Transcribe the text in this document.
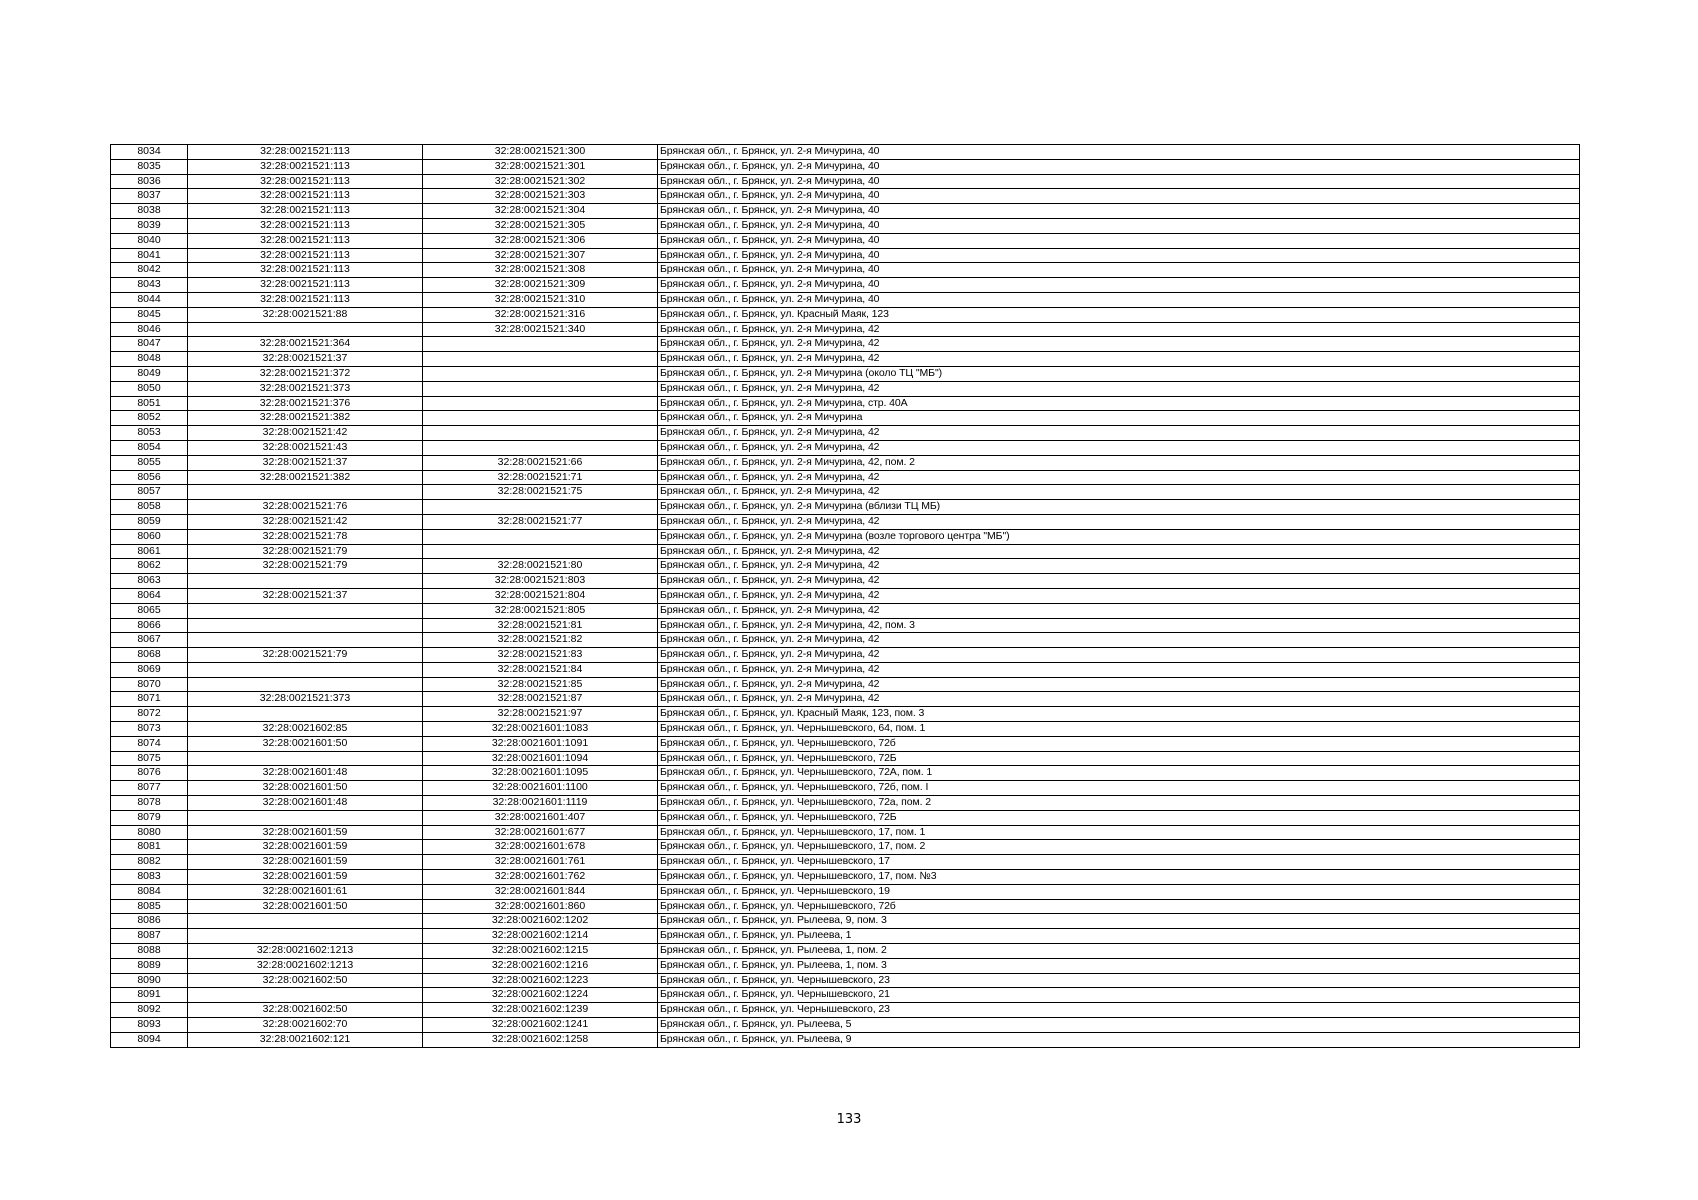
8034	32:28:0021521:113	32:28:0021521:300	Брянская обл., г. Брянск, ул. 2-я Мичурина, 40
8035	32:28:0021521:113	32:28:0021521:301	Брянская обл., г. Брянск, ул. 2-я Мичурина, 40
8036	32:28:0021521:113	32:28:0021521:302	Брянская обл., г. Брянск, ул. 2-я Мичурина, 40
8037	32:28:0021521:113	32:28:0021521:303	Брянская обл., г. Брянск, ул. 2-я Мичурина, 40
8038	32:28:0021521:113	32:28:0021521:304	Брянская обл., г. Брянск, ул. 2-я Мичурина, 40
8039	32:28:0021521:113	32:28:0021521:305	Брянская обл., г. Брянск, ул. 2-я Мичурина, 40
8040	32:28:0021521:113	32:28:0021521:306	Брянская обл., г. Брянск, ул. 2-я Мичурина, 40
8041	32:28:0021521:113	32:28:0021521:307	Брянская обл., г. Брянск, ул. 2-я Мичурина, 40
8042	32:28:0021521:113	32:28:0021521:308	Брянская обл., г. Брянск, ул. 2-я Мичурина, 40
8043	32:28:0021521:113	32:28:0021521:309	Брянская обл., г. Брянск, ул. 2-я Мичурина, 40
8044	32:28:0021521:113	32:28:0021521:310	Брянская обл., г. Брянск, ул. 2-я Мичурина, 40
8045	32:28:0021521:88	32:28:0021521:316	Брянская обл., г. Брянск, ул. Красный Маяк, 123
8046		32:28:0021521:340	Брянская обл., г. Брянск, ул. 2-я Мичурина, 42
8047	32:28:0021521:364		Брянская обл., г. Брянск, ул. 2-я Мичурина, 42
8048	32:28:0021521:37		Брянская обл., г. Брянск, ул. 2-я Мичурина, 42
8049	32:28:0021521:372		Брянская обл., г. Брянск, ул. 2-я Мичурина (около ТЦ "МБ")
8050	32:28:0021521:373		Брянская обл., г. Брянск, ул. 2-я Мичурина, 42
8051	32:28:0021521:376		Брянская обл., г. Брянск, ул. 2-я Мичурина, стр. 40А
8052	32:28:0021521:382		Брянская обл., г. Брянск, ул. 2-я Мичурина
8053	32:28:0021521:42		Брянская обл., г. Брянск, ул. 2-я Мичурина, 42
8054	32:28:0021521:43		Брянская обл., г. Брянск, ул. 2-я Мичурина, 42
8055	32:28:0021521:37	32:28:0021521:66	Брянская обл., г. Брянск, ул. 2-я Мичурина, 42, пом. 2
8056	32:28:0021521:382	32:28:0021521:71	Брянская обл., г. Брянск, ул. 2-я Мичурина, 42
8057		32:28:0021521:75	Брянская обл., г. Брянск, ул. 2-я Мичурина, 42
8058	32:28:0021521:76		Брянская обл., г. Брянск, ул. 2-я Мичурина (вблизи ТЦ МБ)
8059	32:28:0021521:42	32:28:0021521:77	Брянская обл., г. Брянск, ул. 2-я Мичурина, 42
8060	32:28:0021521:78		Брянская обл., г. Брянск, ул. 2-я Мичурина (возле торгового центра "МБ")
8061	32:28:0021521:79		Брянская обл., г. Брянск, ул. 2-я Мичурина, 42
8062	32:28:0021521:79	32:28:0021521:80	Брянская обл., г. Брянск, ул. 2-я Мичурина, 42
8063		32:28:0021521:803	Брянская обл., г. Брянск, ул. 2-я Мичурина, 42
8064	32:28:0021521:37	32:28:0021521:804	Брянская обл., г. Брянск, ул. 2-я Мичурина, 42
8065		32:28:0021521:805	Брянская обл., г. Брянск, ул. 2-я Мичурина, 42
8066		32:28:0021521:81	Брянская обл., г. Брянск, ул. 2-я Мичурина, 42, пом. 3
8067		32:28:0021521:82	Брянская обл., г. Брянск, ул. 2-я Мичурина, 42
8068	32:28:0021521:79	32:28:0021521:83	Брянская обл., г. Брянск, ул. 2-я Мичурина, 42
8069		32:28:0021521:84	Брянская обл., г. Брянск, ул. 2-я Мичурина, 42
8070		32:28:0021521:85	Брянская обл., г. Брянск, ул. 2-я Мичурина, 42
8071	32:28:0021521:373	32:28:0021521:87	Брянская обл., г. Брянск, ул. 2-я Мичурина, 42
8072		32:28:0021521:97	Брянская обл., г. Брянск, ул. Красный Маяк, 123, пом. 3
8073	32:28:0021602:85	32:28:0021601:1083	Брянская обл., г. Брянск, ул. Чернышевского, 64, пом. 1
8074	32:28:0021601:50	32:28:0021601:1091	Брянская обл., г. Брянск, ул. Чернышевского, 72б
8075		32:28:0021601:1094	Брянская обл., г. Брянск, ул. Чернышевского, 72Б
8076	32:28:0021601:48	32:28:0021601:1095	Брянская обл., г. Брянск, ул. Чернышевского, 72А, пом. 1
8077	32:28:0021601:50	32:28:0021601:1100	Брянская обл., г. Брянск, ул. Чернышевского, 72б, пом. I
8078	32:28:0021601:48	32:28:0021601:1119	Брянская обл., г. Брянск, ул. Чернышевского, 72а, пом. 2
8079		32:28:0021601:407	Брянская обл., г. Брянск, ул. Чернышевского, 72Б
8080	32:28:0021601:59	32:28:0021601:677	Брянская обл., г. Брянск, ул. Чернышевского, 17, пом. 1
8081	32:28:0021601:59	32:28:0021601:678	Брянская обл., г. Брянск, ул. Чернышевского, 17, пом. 2
8082	32:28:0021601:59	32:28:0021601:761	Брянская обл., г. Брянск, ул. Чернышевского, 17
8083	32:28:0021601:59	32:28:0021601:762	Брянская обл., г. Брянск, ул. Чернышевского, 17, пом. №3
8084	32:28:0021601:61	32:28:0021601:844	Брянская обл., г. Брянск, ул. Чернышевского, 19
8085	32:28:0021601:50	32:28:0021601:860	Брянская обл., г. Брянск, ул. Чернышевского, 72б
8086		32:28:0021602:1202	Брянская обл., г. Брянск, ул. Рылеева, 9, пом. 3
8087		32:28:0021602:1214	Брянская обл., г. Брянск, ул. Рылеева, 1
8088	32:28:0021602:1213	32:28:0021602:1215	Брянская обл., г. Брянск, ул. Рылеева, 1, пом. 2
8089	32:28:0021602:1213	32:28:0021602:1216	Брянская обл., г. Брянск, ул. Рылеева, 1, пом. 3
8090	32:28:0021602:50	32:28:0021602:1223	Брянская обл., г. Брянск, ул. Чернышевского, 23
8091		32:28:0021602:1224	Брянская обл., г. Брянск, ул. Чернышевского, 21
8092	32:28:0021602:50	32:28:0021602:1239	Брянская обл., г. Брянск, ул. Чернышевского, 23
8093	32:28:0021602:70	32:28:0021602:1241	Брянская обл., г. Брянск, ул. Рылеева, 5
8094	32:28:0021602:121	32:28:0021602:1258	Брянская обл., г. Брянск, ул. Рылеева, 9
133
